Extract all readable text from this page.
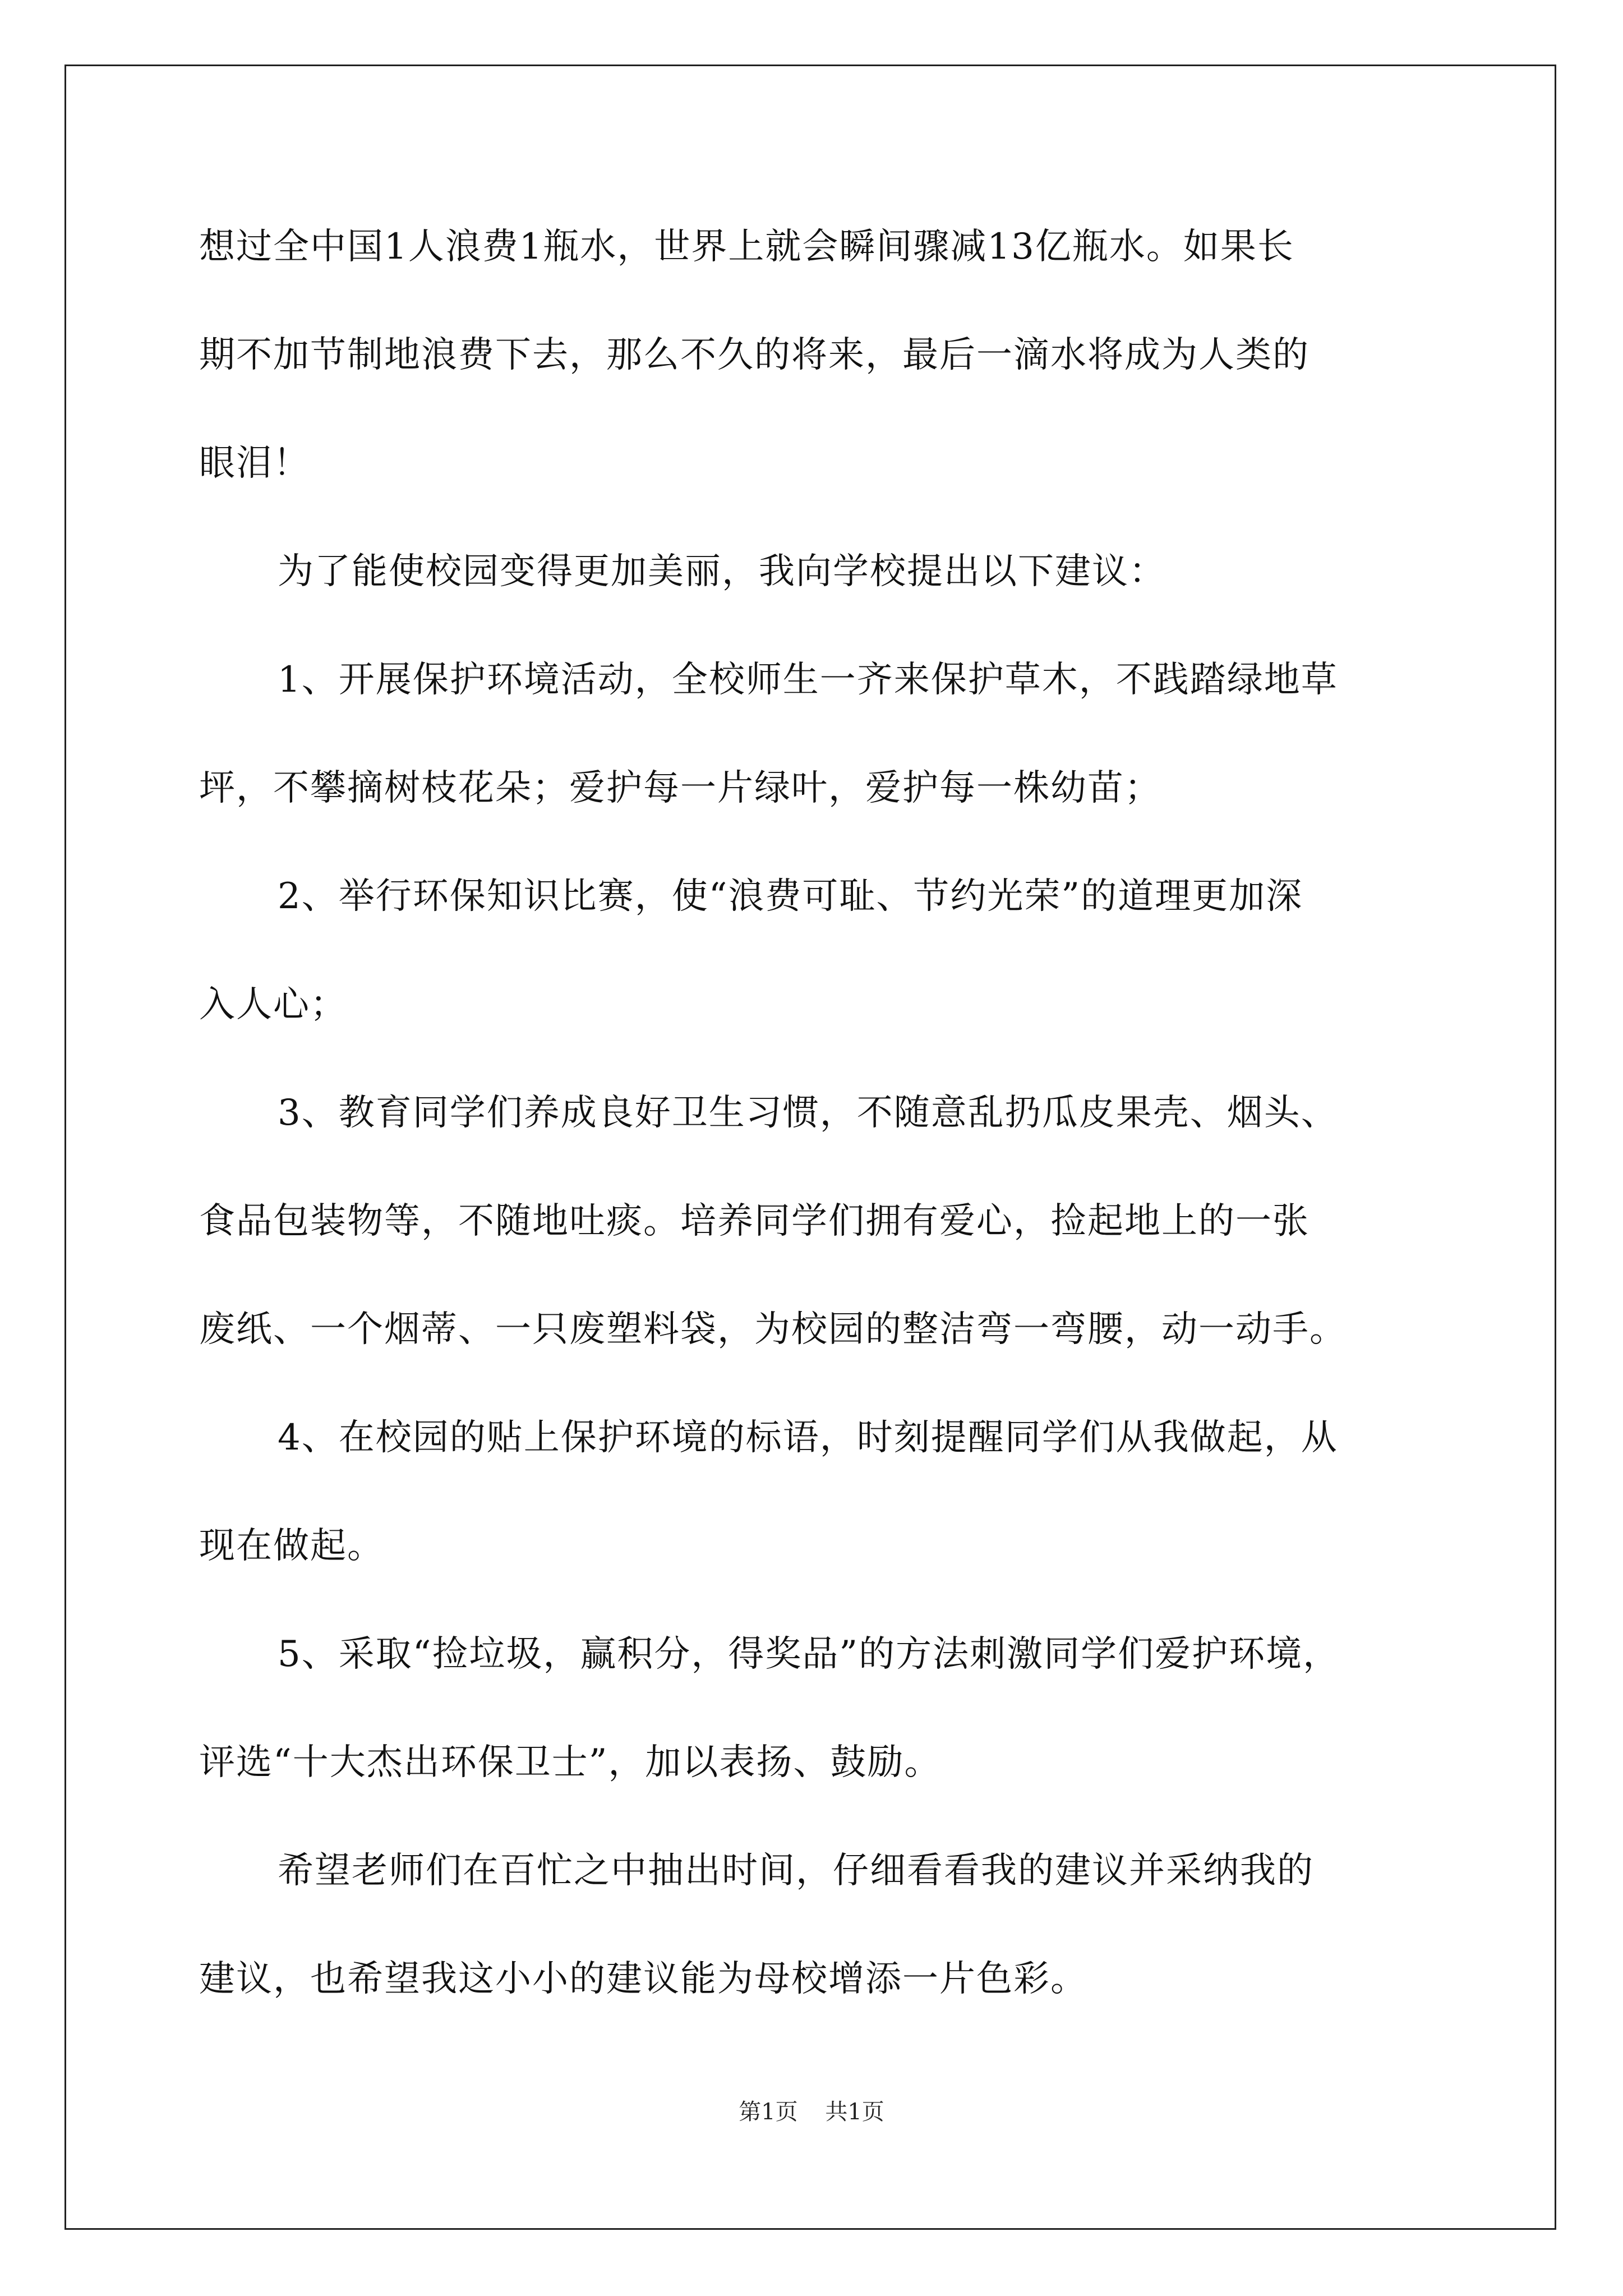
想过全中国1人浪费1瓶水，世界上就会瞬间骤减13亿瓶水。如果长
期不加节制地浪费下去，那么不久的将来，最后一滴水将成为人类的
眼泪！
为了能使校园变得更加美丽，我向学校提出以下建议：
1、开展保护环境活动，全校师生一齐来保护草木，不践踏绿地草
坪，不攀摘树枝花朵；爱护每一片绿叶，爱护每一株幼苗；
2、举行环保知识比赛，使“浪费可耻、节约光荣”的道理更加深
入人心；
3、教育同学们养成良好卫生习惯，不随意乱扔瓜皮果壳、烟头、
食品包装物等，不随地吐痰。培养同学们拥有爱心，捡起地上的一张
废纸、一个烟蒂、一只废塑料袋，为校园的整洁弯一弯腰，动一动手。
4、在校园的贴上保护环境的标语，时刻提醒同学们从我做起，从
现在做起。
5、采取“捡垃圾，赢积分，得奖品”的方法刺激同学们爱护环境，
评选“十大杰出环保卫士”，加以表扬、鼓励。
希望老师们在百忙之中抽出时间，仔细看看我的建议并采纳我的
建议，也希望我这小小的建议能为母校增添一片色彩。
第1页 共1页
